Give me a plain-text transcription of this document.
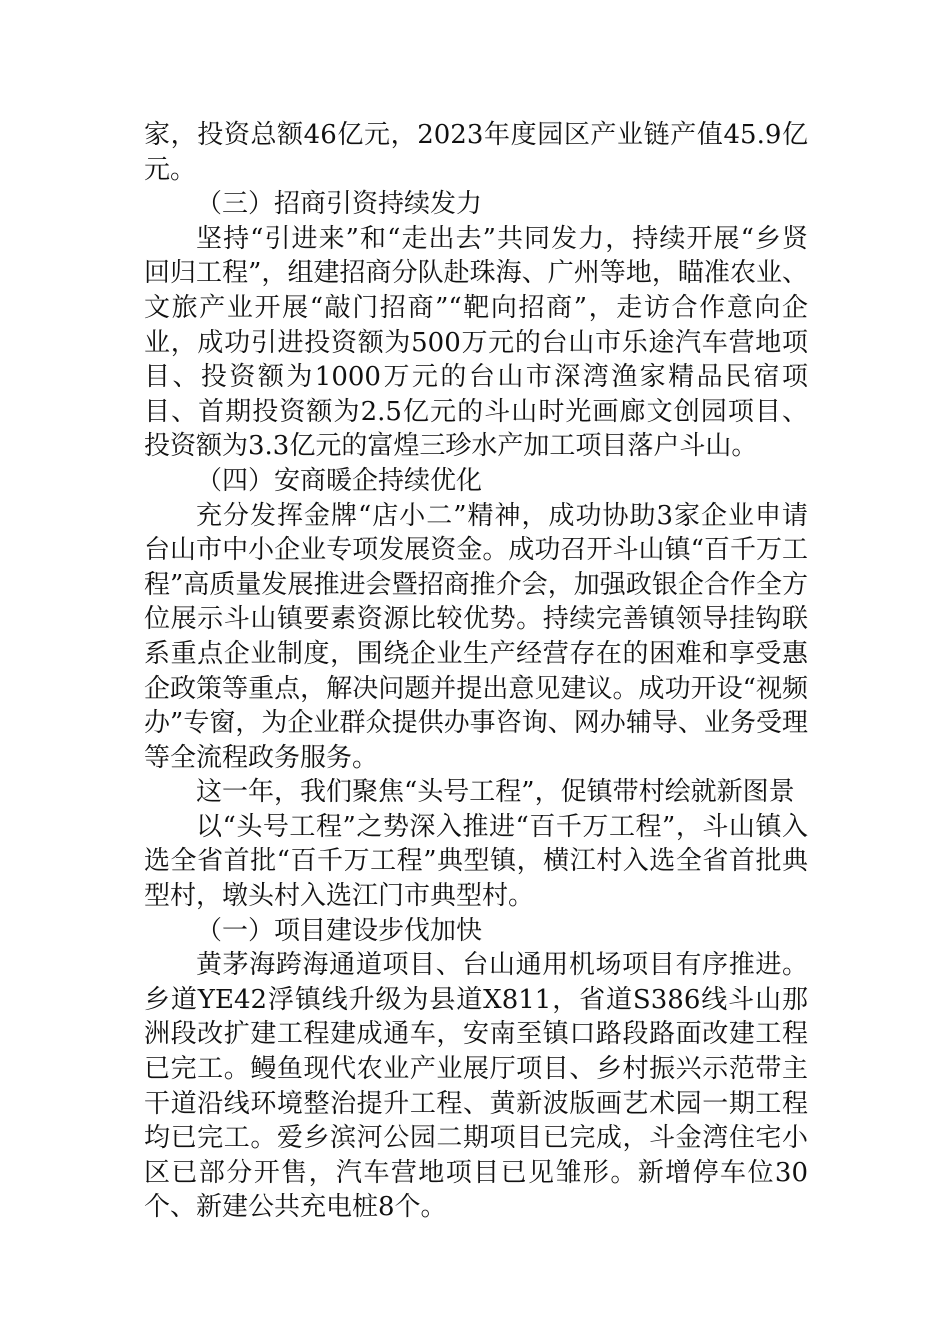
家，投资总额46亿元，2023年度园区产业链产值45.9亿元。

（三）招商引资持续发力

坚持“引进来”和“走出去”共同发力，持续开展“乡贤回归工程”，组建招商分队赴珠海、广州等地，瞄准农业、文旅产业开展“敲门招商”“靶向招商”，走访合作意向企业，成功引进投资额为500万元的台山市乐途汽车营地项目、投资额为1000万元的台山市深湾渔家精品民宿项目、首期投资额为2.5亿元的斗山时光画廊文创园项目、投资额为3.3亿元的富煌三珍水产加工项目落户斗山。

（四）安商暖企持续优化

充分发挥金牌“店小二”精神，成功协助3家企业申请台山市中小企业专项发展资金。成功召开斗山镇“百千万工程”高质量发展推进会暨招商推介会，加强政银企合作全方位展示斗山镇要素资源比较优势。持续完善镇领导挂钩联系重点企业制度，围绕企业生产经营存在的困难和享受惠企政策等重点，解决问题并提出意见建议。成功开设“视频办”专窗，为企业群众提供办事咨询、网办辅导、业务受理等全流程政务服务。

这一年，我们聚焦“头号工程”，促镇带村绘就新图景

以“头号工程”之势深入推进“百千万工程”，斗山镇入选全省首批“百千万工程”典型镇，横江村入选全省首批典型村，墩头村入选江门市典型村。

（一）项目建设步伐加快

黄茅海跨海通道项目、台山通用机场项目有序推进。乡道YE42浮镇线升级为县道X811，省道S386线斗山那洲段改扩建工程建成通车，安南至镇口路段路面改建工程已完工。鳗鱼现代农业产业展厅项目、乡村振兴示范带主干道沿线环境整治提升工程、黄新波版画艺术园一期工程均已完工。爱乡滨河公园二期项目已完成，斗金湾住宅小区已部分开售，汽车营地项目已见雏形。新增停车位30个、新建公共充电桩8个。
